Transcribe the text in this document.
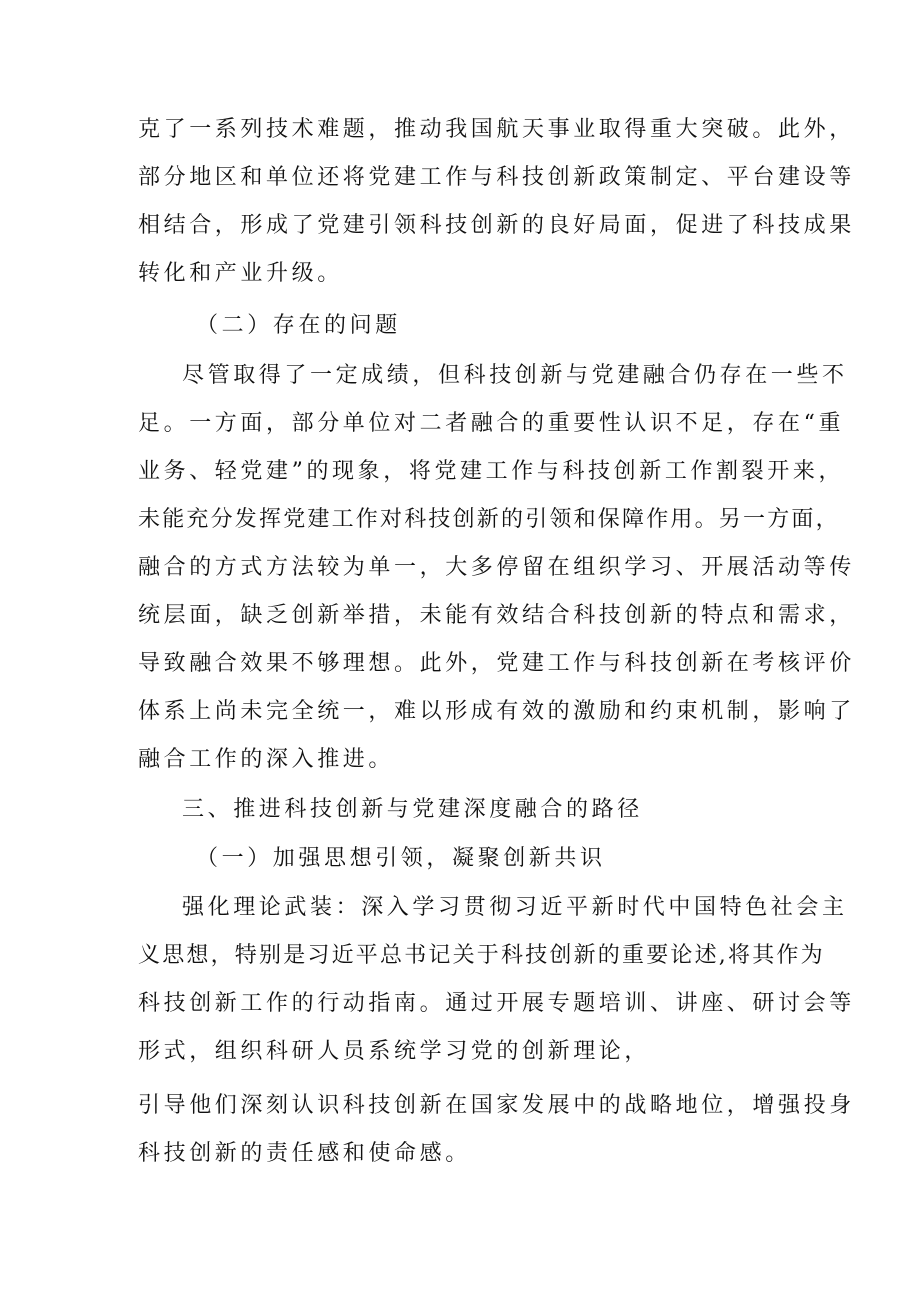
克了一系列技术难题，推动我国航天事业取得重大突破。此外，
部分地区和单位还将党建工作与科技创新政策制定、平台建设等
相结合，形成了党建引领科技创新的良好局面，促进了科技成果
转化和产业升级。
（二）存在的问题
尽管取得了一定成绩，但科技创新与党建融合仍存在一些不
足。一方面，部分单位对二者融合的重要性认识不足，存在“重
业务、轻党建”的现象，将党建工作与科技创新工作割裂开来，
未能充分发挥党建工作对科技创新的引领和保障作用。另一方面，
融合的方式方法较为单一，大多停留在组织学习、开展活动等传
统层面，缺乏创新举措，未能有效结合科技创新的特点和需求，
导致融合效果不够理想。此外，党建工作与科技创新在考核评价
体系上尚未完全统一，难以形成有效的激励和约束机制，影响了
融合工作的深入推进。
三、推进科技创新与党建深度融合的路径
（一）加强思想引领，凝聚创新共识
强化理论武装：深入学习贯彻习近平新时代中国特色社会主
义思想，特别是习近平总书记关于科技创新的重要论述,将其作为
科技创新工作的行动指南。通过开展专题培训、讲座、研讨会等
形式，组织科研人员系统学习党的创新理论，
引导他们深刻认识科技创新在国家发展中的战略地位，增强投身
科技创新的责任感和使命感。
